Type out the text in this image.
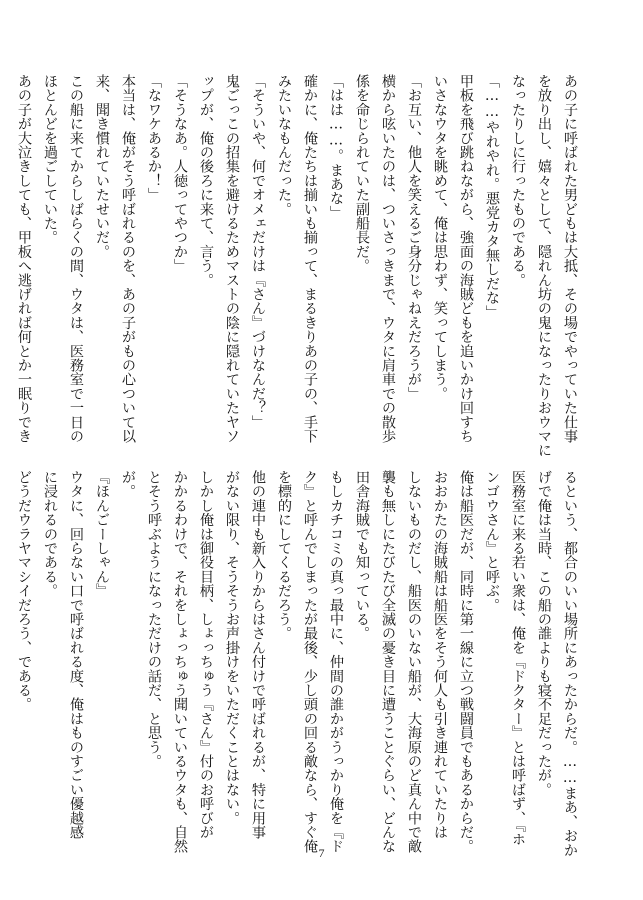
あの子に呼ばれた男どもは大抵、その場でやっていた仕事
を放り出し、嬉々として、隠れん坊の鬼になったりおウマに
なったりしに行ったものである。
「……やれやれ。悪党カタ無しだな」
甲板を飛び跳ねながら、強面の海賊どもを追いかけ回すち
いさなウタを眺めて、俺は思わず、笑ってしまう。
「お互い、他人を笑えるご身分じゃねえだろうが」
横から呟いたのは、ついさっきまで、ウタに肩車での散歩
係を命じられていた副船長だ。
「はは……。まあな」
確かに、俺たちは揃いも揃って、まるきりあの子の、手下
みたいなもんだった。
「そういや、何でオメェだけは『さん』づけなんだ？」
鬼ごっこの招集を避けるためマストの陰に隠れていたヤソ
ップが、俺の後ろに来て、言う。
「そうなあ。人徳ってやつか」
「なワケあるか！」
本当は、俺がそう呼ばれるのを、あの子がもの心ついて以
来、聞き慣れていたせいだ。
この船に来てからしばらくの間、ウタは、医務室で一日の
ほとんどを過ごしていた。
あの子が大泣きしても、甲板へ逃げれば何とか一眠りでき
るという、都合のいい場所にあったからだ。……まあ、おか
げで俺は当時、この船の誰よりも寝不足だったが。
医務室に来る若い衆は、俺を『ドクター』とは呼ばず、『ホ
ンゴウさん』と呼ぶ。
俺は船医だが、同時に第一線に立つ戦闘員でもあるからだ。
おおかたの海賊船は船医をそう何人も引き連れていたりは
しないものだし、船医のいない船が、大海原のど真ん中で敵
襲も無しにたびたび全滅の憂き目に遭うことぐらい、どんな
田舎海賊でも知っている。
もしカチコミの真っ最中に、仲間の誰かがうっかり俺を『ド
ク』と呼んでしまったが最後、少し頭の回る敵なら、すぐ俺
を標的にしてくるだろう。
他の連中も新入りからはさん付けで呼ばれるが、特に用事
がない限り、そうそうお声掛けをいただくことはない。
しかし俺は御役目柄、しょっちゅう『さん』付のお呼びが
かかるわけで、それをしょっちゅう聞いているウタも、自然
とそう呼ぶようになっただけの話だ、と思う。
が。
『ほんごーしゃん』
ウタに、回らない口で呼ばれる度、俺はものすごい優越感
に浸れるのである。
どうだウラヤマシイだろう、である。
7
